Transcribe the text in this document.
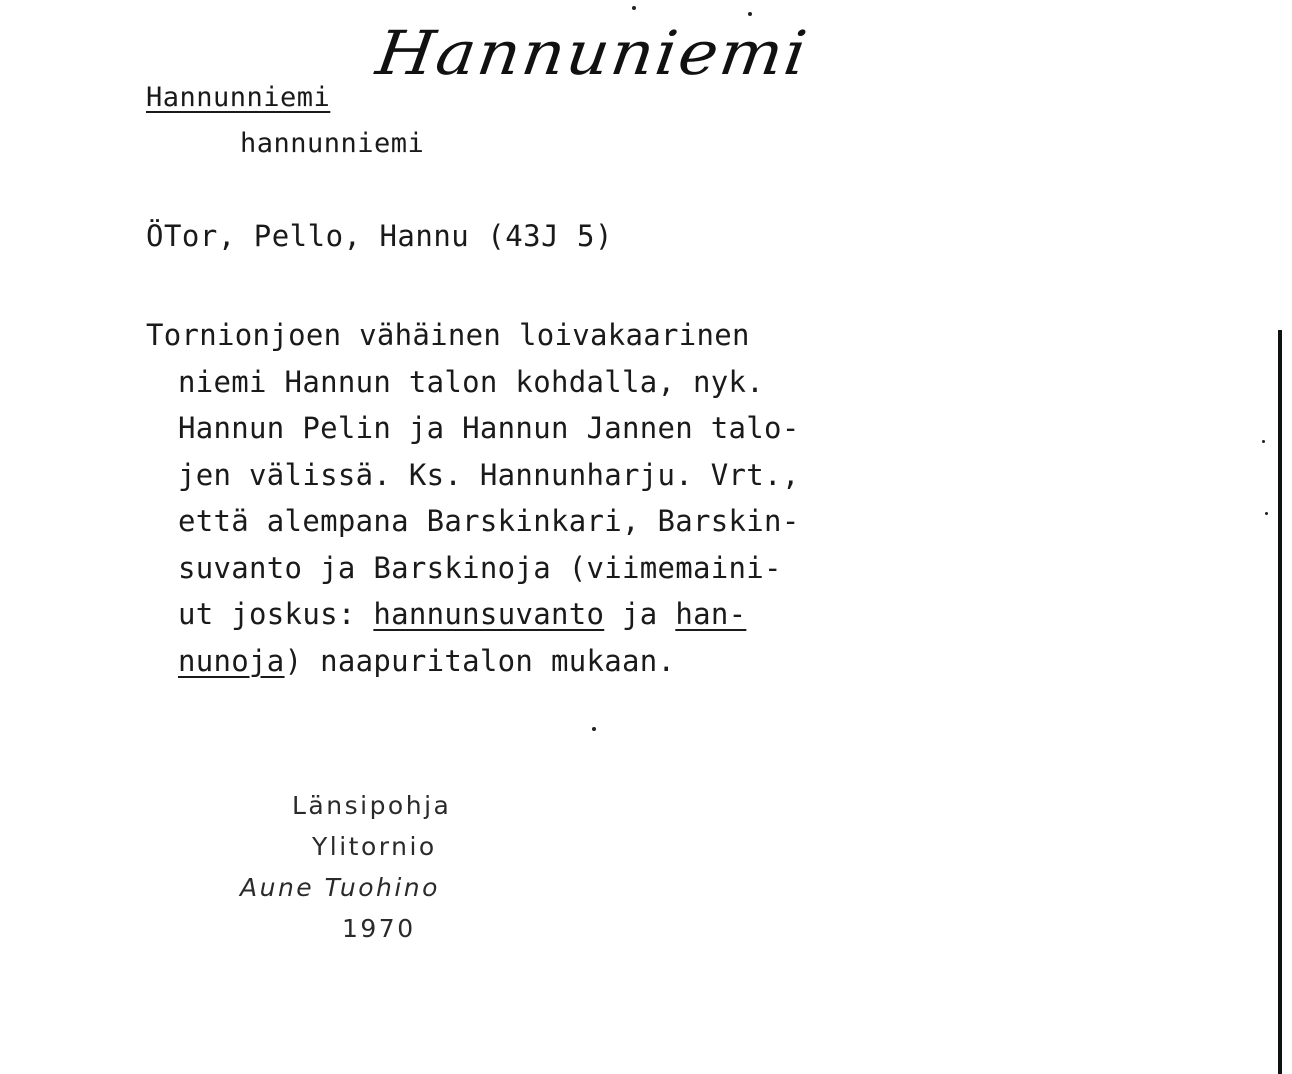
Hannunniemi
Hannuniemi
hannunniemi
ÖTor, Pello, Hannu (43J 5)
Tornionjoen vähäinen loivakaarinen
niemi Hannun talon kohdalla, nyk.
Hannun Pelin ja Hannun Jannen talo-
jen välissä. Ks. Hannunharju. Vrt.,
että alempana Barskinkari, Barskin-
suvanto ja Barskinoja (viimemaini-
ut joskus: hannunsuvanto ja han-
nunoja) naapuritalon mukaan.
Länsipohja
Ylitornio
Aune Tuohino
1970
